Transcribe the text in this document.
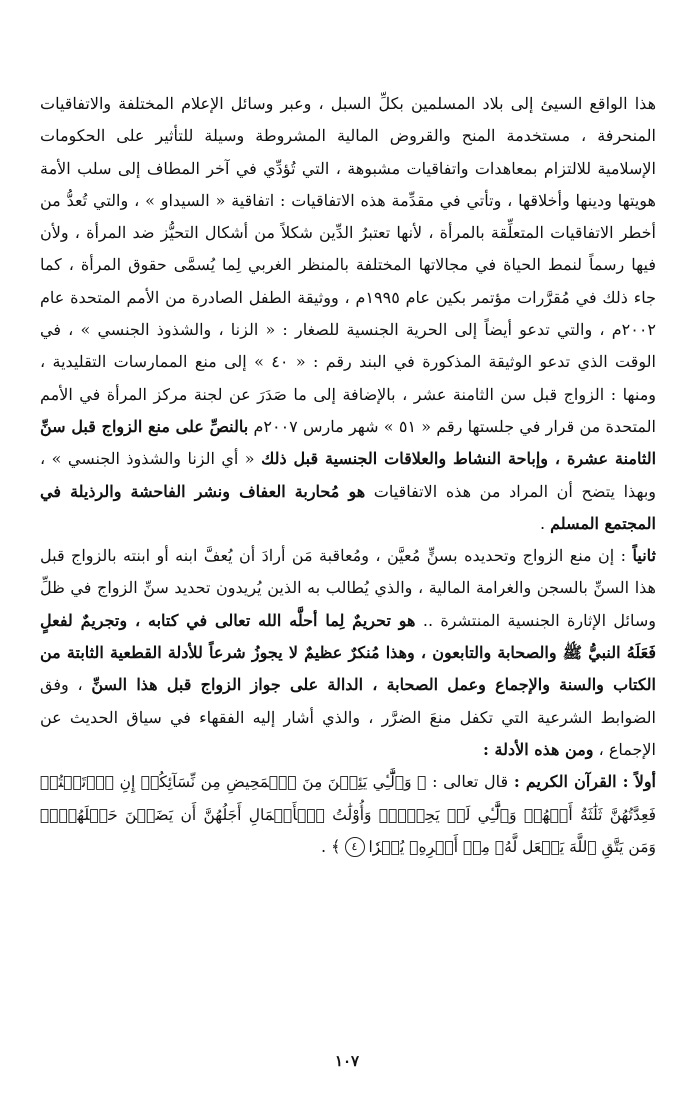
هذا الواقع السيئ إلى بلاد المسلمين بكلِّ السبل ، وعبر وسائل الإعلام المختلفة والاتفاقيات المنحرفة ، مستخدمة المنح والقروض المالية المشروطة وسيلة للتأثير على الحكومات الإسلامية للالتزام بمعاهدات واتفاقيات مشبوهة ، التي تُؤدِّي في آخر المطاف إلى سلب الأمة هويتها ودينها وأخلاقها ، وتأتي في مقدِّمة هذه الاتفاقيات : اتفاقية « السيداو » ، والتي تُعدُّ من أخطر الاتفاقيات المتعلِّقة بالمرأة ، لأنها تعتبرُ الدِّين شكلاً من أشكال التحيُّز ضد المرأة ، ولأن فيها رسماً لنمط الحياة في مجالاتها المختلفة بالمنظر الغربي لِما يُسمَّى حقوق المرأة ، كما جاء ذلك في مُقرَّرات مؤتمر بكين عام ١٩٩٥م ، ووثيقة الطفل الصادرة من الأمم المتحدة عام ٢٠٠٢م ، والتي تدعو أيضاً إلى الحرية الجنسية للصغار : « الزنا ، والشذوذ الجنسي » ، في الوقت الذي تدعو الوثيقة المذكورة في البند رقم : « ٤٠ » إلى منع الممارسات التقليدية ، ومنها : الزواج قبل سن الثامنة عشر ، بالإضافة إلى ما صَدَرَ عن لجنة مركز المرأة في الأمم المتحدة من قرار في جلستها رقم « ٥١ » شهر مارس ٢٠٠٧م بالنصِّ على منع الزواج قبل سنِّ الثامنة عشرة ، وإباحة النشاط والعلاقات الجنسية قبل ذلك « أي الزنا والشذوذ الجنسي » ، وبهذا يتضح أن المراد من هذه الاتفاقيات هو مُحاربة العفاف ونشر الفاحشة والرذيلة في المجتمع المسلم .

ثانياً : إن منع الزواج وتحديده بسنٍّ مُعيَّن ، ومُعاقبة مَن أرادَ أن يُعفَّ ابنه أو ابنته بالزواج قبل هذا السنِّ بالسجن والغرامة المالية ، والذي يُطالب به الذين يُريدون تحديد سنِّ الزواج في ظلِّ وسائل الإثارة الجنسية المنتشرة .. هو تحريمٌ لِما أحلَّه الله تعالى في كتابه ، وتجريمٌ لفعلٍ فَعَلَهُ النبيُّ ﷺ والصحابة والتابعون ، وهذا مُنكرٌ عظيمٌ لا يجوزُ شرعاً للأدلة القطعية الثابتة من الكتاب والسنة والإجماع وعمل الصحابة ، الدالة على جواز الزواج قبل هذا السنِّ ، وفق الضوابط الشرعية التي تكفل منعَ الضرَّر ، والذي أشار إليه الفقهاء في سياق الحديث عن الإجماع ، ومن هذه الأدلة :

أولاً : القرآن الكريم : قال تعالى : ﴿ وَٱلَّٰٓـِٔي يَئِسۡنَ مِنَ ٱلۡمَحِيضِ مِن نِّسَآئِكُمۡ إِنِ ٱرۡتَبۡتُمۡ فَعِدَّتُهُنَّ ثَلَٰثَةُ أَشۡهُرٖ وَٱلَّٰٓـِٔي لَمۡ يَحِضۡنَۚ وَأُوْلَٰتُ ٱلۡأَحۡمَالِ أَجَلُهُنَّ أَن يَضَعۡنَ حَمۡلَهُنَّۚ وَمَن يَتَّقِ ٱللَّهَ يَجۡعَل لَّهُۥ مِنۡ أَمۡرِهِۦ يُسۡرٗا٤﴾ .

١٠٧
